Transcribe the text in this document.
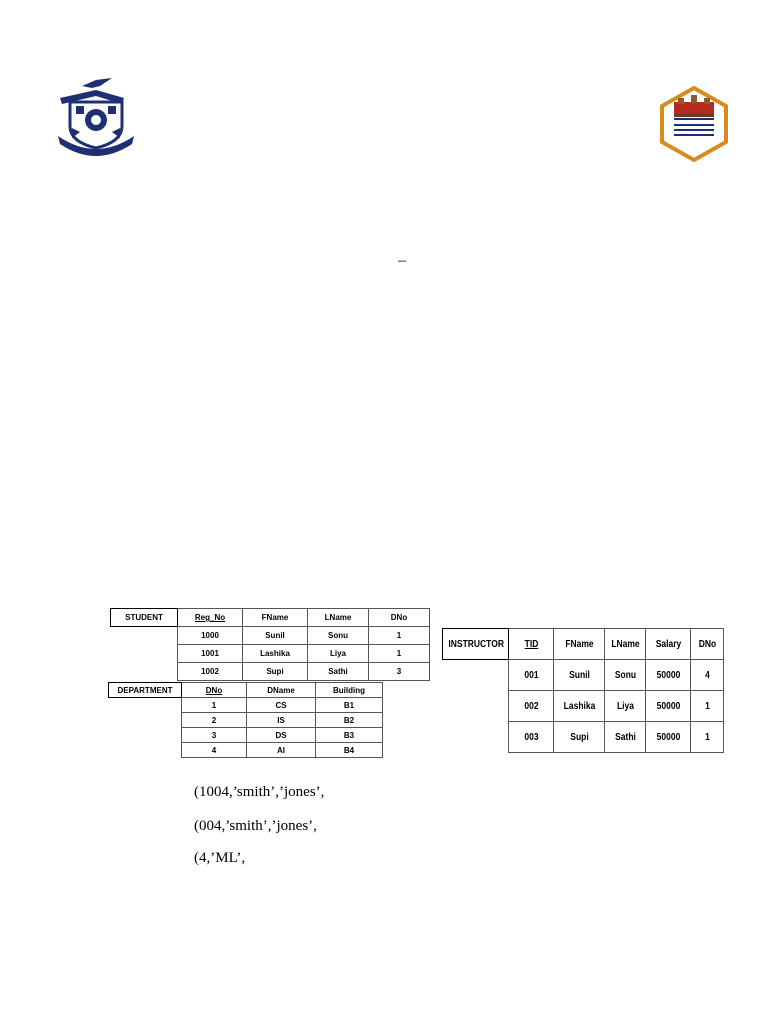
–
STUDENT	Reg_No	FName	LName	DNo
	1000	Sunil	Sonu	1
	1001	Lashika	Liya	1
	1002	Supi	Sathi	3
DEPARTMENT	DNo	DName	Building
	1	CS	B1
	2	IS	B2
	3	DS	B3
	4	AI	B4
INSTRUCTOR	TID	FName	LName	Salary	DNo
	001	Sunil	Sonu	50000	4
	002	Lashika	Liya	50000	1
	003	Supi	Sathi	50000	1
(1004,’smith’,’jones’,
(004,’smith’,’jones’,
(4,’ML’,
